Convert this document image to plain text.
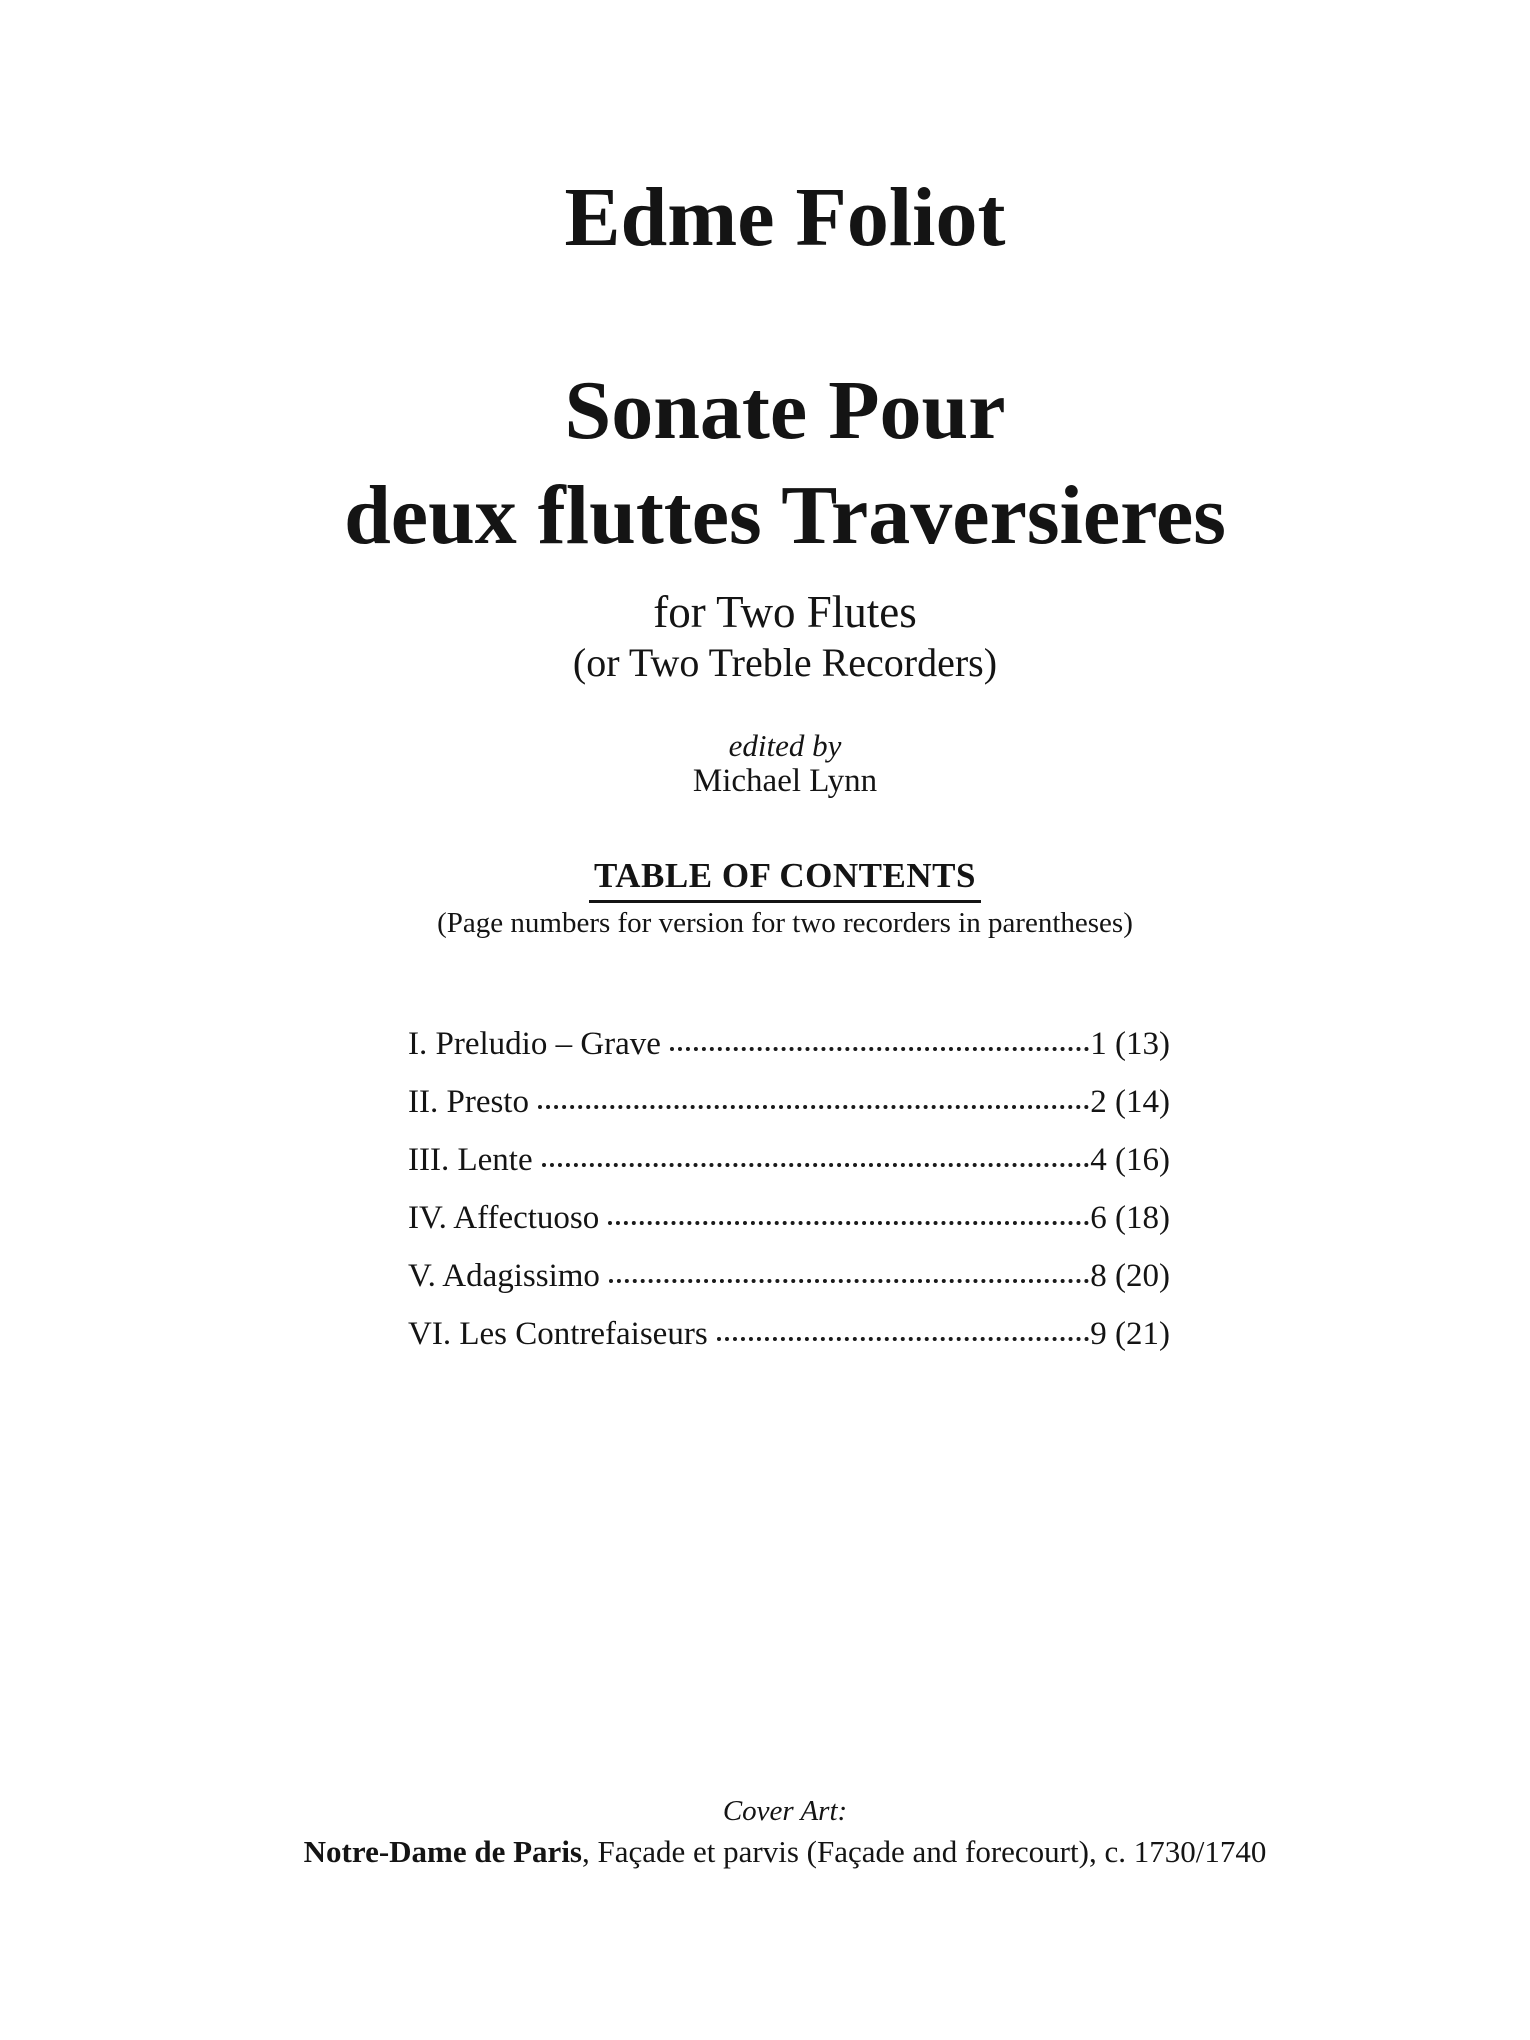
Edme Foliot
Sonate Pour
deux fluttes Traversieres
for Two Flutes
(or Two Treble Recorders)
edited by
Michael Lynn
TABLE OF CONTENTS
(Page numbers for version for two recorders in parentheses)
I. Preludio – Grave	1 (13)
II. Presto	2 (14)
III. Lente	4 (16)
IV. Affectuoso	6 (18)
V. Adagissimo	8 (20)
VI. Les Contrefaiseurs	9 (21)
Cover Art:
Notre-Dame de Paris, Façade et parvis (Façade and forecourt), c. 1730/1740
